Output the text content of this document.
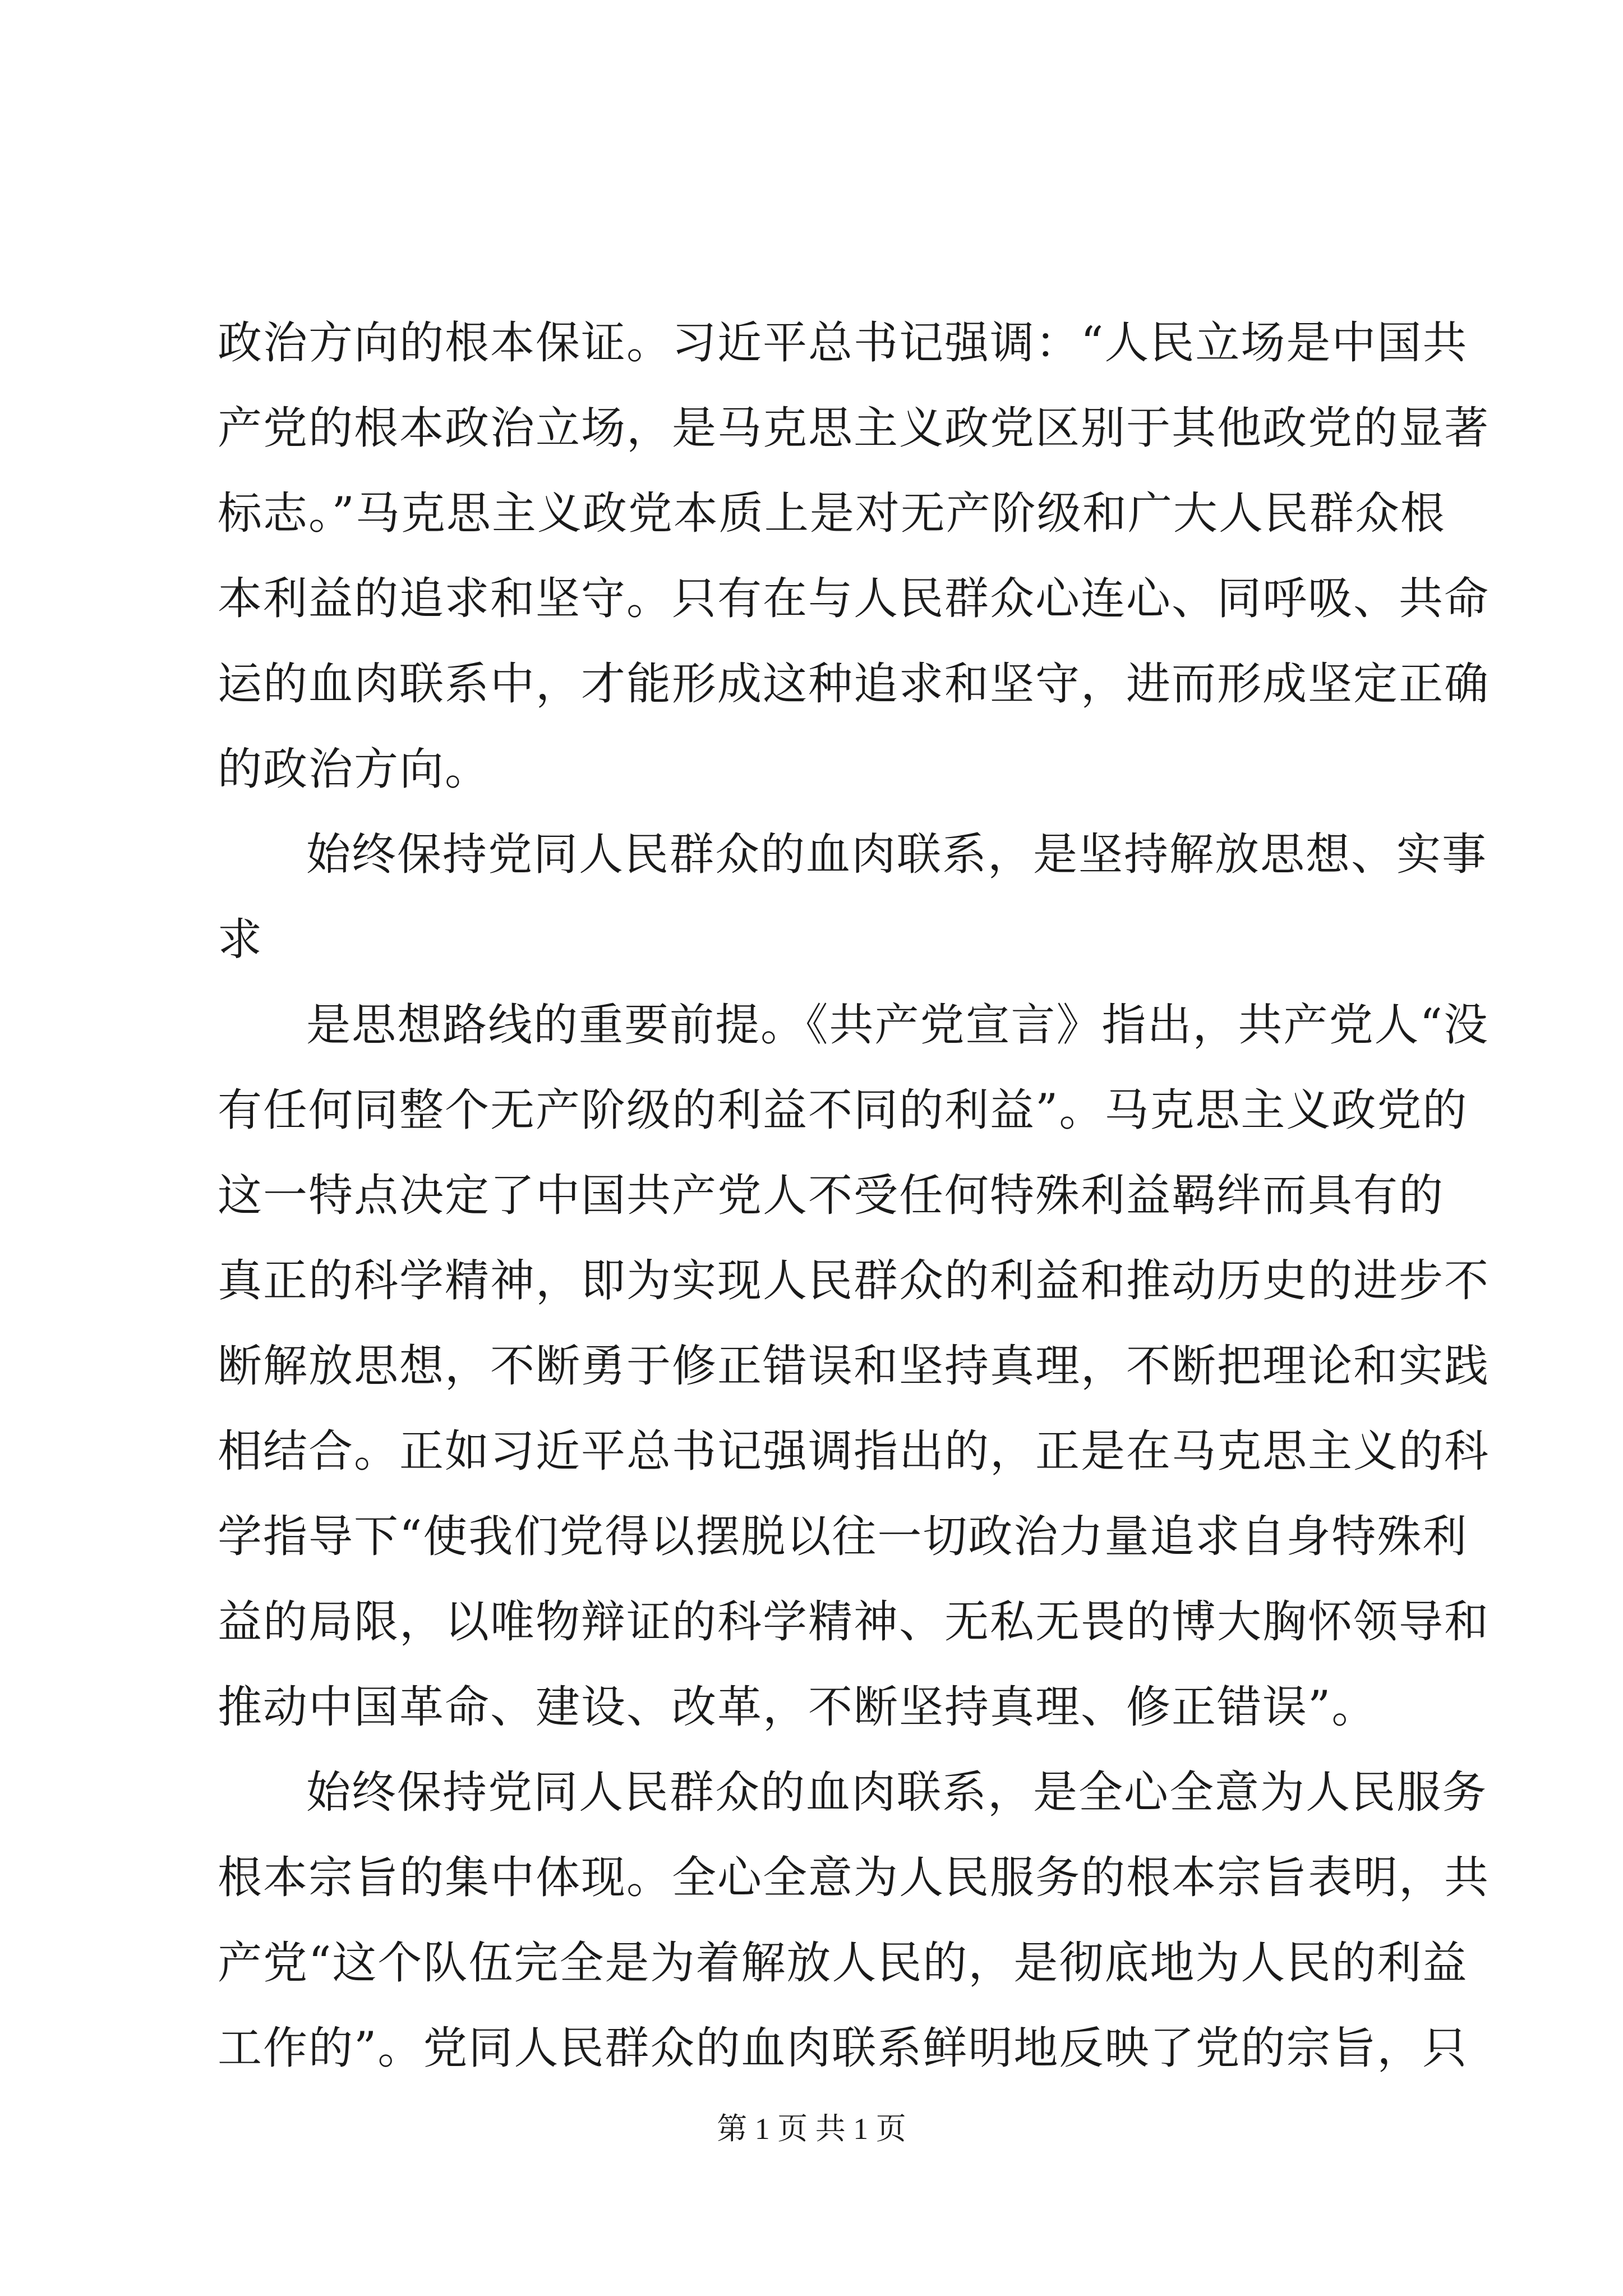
政治方向的根本保证。习近平总书记强调：“人民立场是中国共
产党的根本政治立场，是马克思主义政党区别于其他政党的显著
标志。”马克思主义政党本质上是对无产阶级和广大人民群众根
本利益的追求和坚守。只有在与人民群众心连心、同呼吸、共命
运的血肉联系中，才能形成这种追求和坚守，进而形成坚定正确
的政治方向。
始终保持党同人民群众的血肉联系，是坚持解放思想、实事
求
是思想路线的重要前提。《共产党宣言》指出，共产党人“没
有任何同整个无产阶级的利益不同的利益”。马克思主义政党的
这一特点决定了中国共产党人不受任何特殊利益羁绊而具有的
真正的科学精神，即为实现人民群众的利益和推动历史的进步不
断解放思想，不断勇于修正错误和坚持真理，不断把理论和实践
相结合。正如习近平总书记强调指出的，正是在马克思主义的科
学指导下“使我们党得以摆脱以往一切政治力量追求自身特殊利
益的局限，以唯物辩证的科学精神、无私无畏的博大胸怀领导和
推动中国革命、建设、改革，不断坚持真理、修正错误”。
始终保持党同人民群众的血肉联系，是全心全意为人民服务
根本宗旨的集中体现。全心全意为人民服务的根本宗旨表明，共
产党“这个队伍完全是为着解放人民的，是彻底地为人民的利益
工作的”。党同人民群众的血肉联系鲜明地反映了党的宗旨，只
第 1 页 共 1 页
